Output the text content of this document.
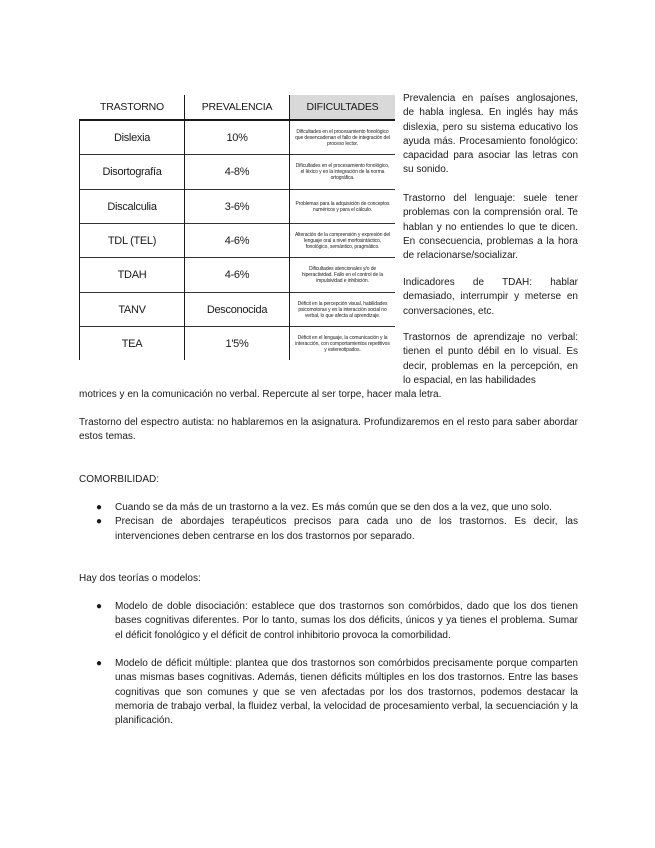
TRASTORNO	PREVALENCIA	DIFICULTADES
Dislexia	10%	Dificultades en el procesamiento fonológico que desencadenan el fallo de integración del proceso lector.
Disortografía	4-8%	Dificultades en el procesamiento fonológico, el léxico y en la integración de la norma ortográfica.
Discalculia	3-6%	Problemas para la adquisición de conceptos numéricos y para el cálculo.
TDL (TEL)	4-6%	Alteración de la comprensión y expresión del lenguaje oral a nivel morfosintáctico, fonológico, semántico, pragmático.
TDAH	4-6%	Dificultades atencionales y/o de hiperactividad. Fallo en el control de la impulsividad e inhibición.
TANV	Desconocida	Déficit en la percepción visual, habilidades psicomotoras y en la interacción social no verbal, lo que afecta al aprendizaje.
TEA	1'5%	Déficit en el lenguaje, la comunicación y la interacción, con comportamientos repetitivos y estereotipados.

Prevalencia en países anglosajones, de habla inglesa. En inglés hay más dislexia, pero su sistema educativo los ayuda más. Procesamiento fonológico: capacidad para asociar las letras con su sonido.

Trastorno del lenguaje: suele tener problemas con la comprensión oral. Te hablan y no entiendes lo que te dicen. En consecuencia, problemas a la hora de relacionarse/socializar.

Indicadores de TDAH: hablar demasiado, interrumpir y meterse en conversaciones, etc.

Trastornos de aprendizaje no verbal: tienen el punto débil en lo visual. Es decir, problemas en la percepción, en lo espacial, en las habilidades

motrices y en la comunicación no verbal. Repercute al ser torpe, hacer mala letra.

Trastorno del espectro autista: no hablaremos en la asignatura. Profundizaremos en el resto para saber abordar estos temas.

COMORBILIDAD:

● Cuando se da más de un trastorno a la vez. Es más común que se den dos a la vez, que uno solo.
● Precisan de abordajes terapéuticos precisos para cada uno de los trastornos. Es decir, las intervenciones deben centrarse en los dos trastornos por separado.

Hay dos teorías o modelos:

● Modelo de doble disociación: establece que dos trastornos son comórbidos, dado que los dos tienen bases cognitivas diferentes. Por lo tanto, sumas los dos déficits, únicos y ya tienes el problema. Sumar el déficit fonológico y el déficit de control inhibitorio provoca la comorbilidad.
● Modelo de déficit múltiple: plantea que dos trastornos son comórbidos precisamente porque comparten unas mismas bases cognitivas. Además, tienen déficits múltiples en los dos trastornos. Entre las bases cognitivas que son comunes y que se ven afectadas por los dos trastornos, podemos destacar la memoria de trabajo verbal, la fluidez verbal, la velocidad de procesamiento verbal, la secuenciación y la planificación.
